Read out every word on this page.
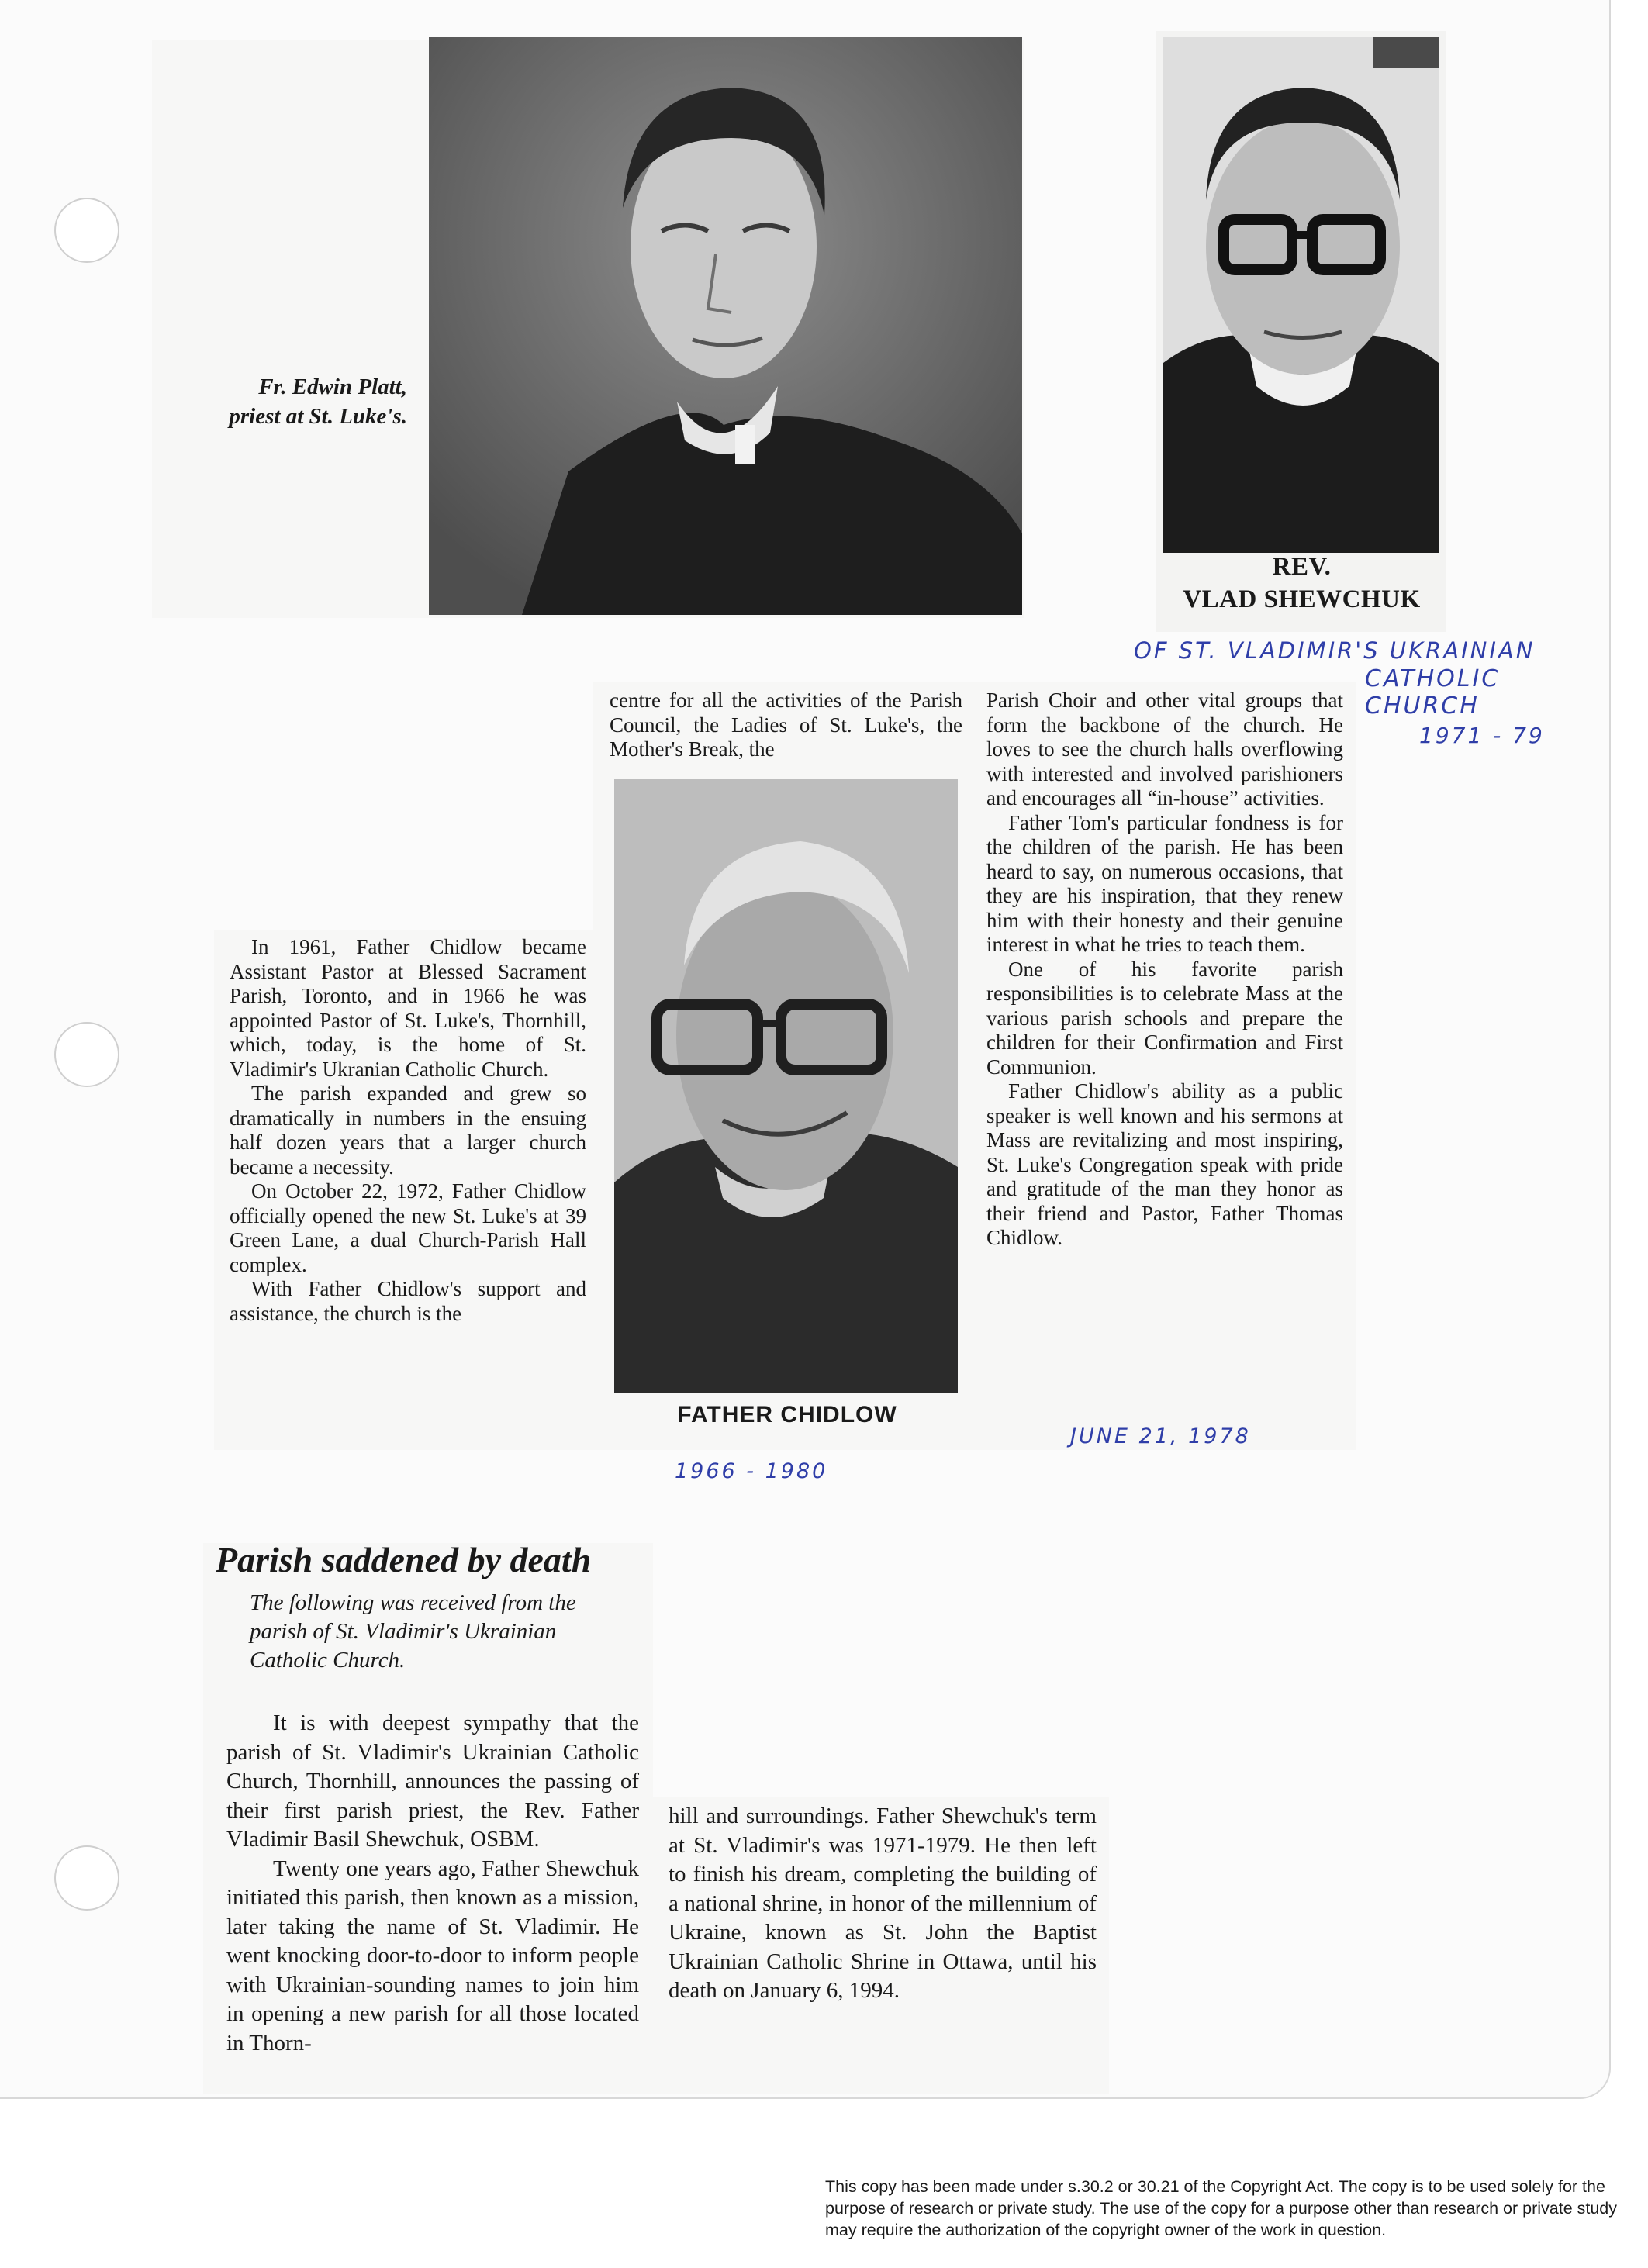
Fr. Edwin Platt,
priest at St. Luke's.
REV.
VLAD SHEWCHUK
OF ST. VLADIMIR'S UKRAINIAN
CATHOLIC
CHURCH
1971 - 79

In 1961, Father Chidlow became Assistant Pastor at Blessed Sacrament Parish, Toronto, and in 1966 he was appointed Pastor of St. Luke's, Thornhill, which, today, is the home of St. Vladimir's Ukranian Catholic Church.

The parish expanded and grew so dramatically in numbers in the ensuing half dozen years that a larger church became a necessity.

On October 22, 1972, Father Chidlow officially opened the new St. Luke's at 39 Green Lane, a dual Church-Parish Hall complex.

With Father Chidlow's support and assistance, the church is the

centre for all the activities of the Parish Council, the Ladies of St. Luke's, the Mother's Break, the

FATHER CHIDLOW

Parish Choir and other vital groups that form the backbone of the church. He loves to see the church halls overflowing with interested and involved parishioners and encourages all “in-house” activities.

Father Tom's particular fondness is for the children of the parish. He has been heard to say, on numerous occasions, that they are his inspiration, that they renew him with their honesty and their genuine interest in what he tries to teach them.

One of his favorite parish responsibilities is to celebrate Mass at the various parish schools and prepare the children for their Confirmation and First Communion.

Father Chidlow's ability as a public speaker is well known and his sermons at Mass are revitalizing and most inspiring, St. Luke's Congregation speak with pride and gratitude of the man they honor as their friend and Pastor, Father Thomas Chidlow.

JUNE 21, 1978
1966 - 1980
Parish saddened by death
The following was received from the parish of St. Vladimir's Ukrainian Catholic Church.

It is with deepest sympathy that the parish of St. Vladimir's Ukrainian Catholic Church, Thornhill, announces the passing of their first parish priest, the Rev. Father Vladimir Basil Shewchuk, OSBM.

Twenty one years ago, Father Shewchuk initiated this parish, then known as a mission, later taking the name of St. Vladimir. He went knocking door-to-door to inform people with Ukrainian-sounding names to join him in opening a new parish for all those located in Thorn-

hill and surroundings. Father Shewchuk's term at St. Vladimir's was 1971-1979. He then left to finish his dream, completing the building of a national shrine, in honor of the millennium of Ukraine, known as St. John the Baptist Ukrainian Catholic Shrine in Ottawa, until his death on January 6, 1994.

This copy has been made under s.30.2 or 30.21 of the Copyright Act. The copy is to be used solely for the purpose of research or private study. The use of the copy for a purpose other than research or private study may require the authorization of the copyright owner of the work in question.
